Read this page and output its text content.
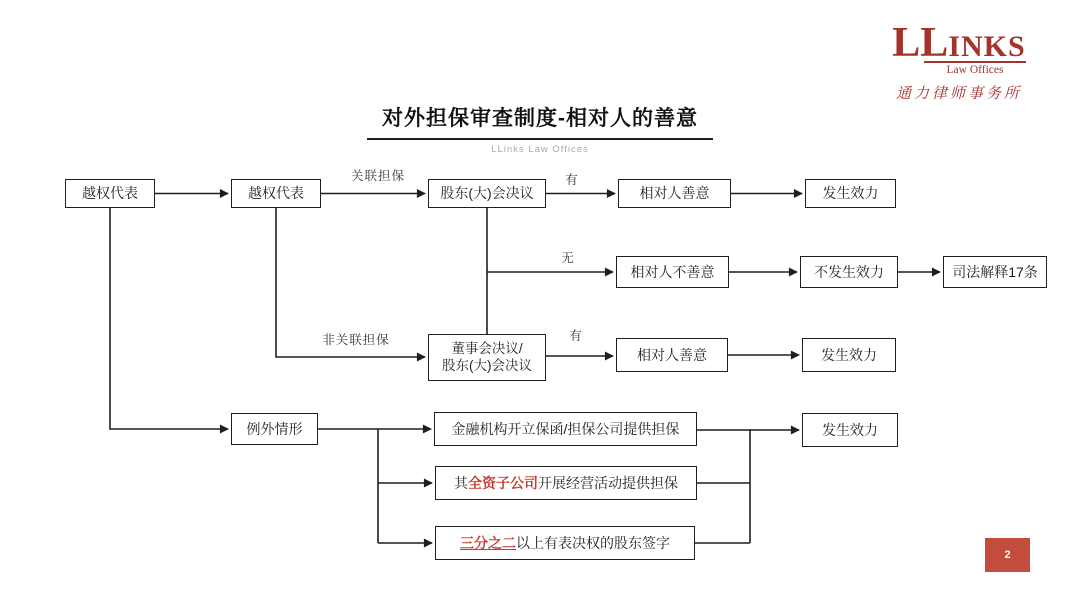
LLINKS
Law Offices
通力律师事务所
对外担保审查制度-相对人的善意
LLinks Law Offices
越权代表	越权代表	股东(大)会决议	相对人善意	发生效力
相对人不善意	不发生效力	司法解释17条
董事会决议/
股东(大)会决议
相对人善意	发生效力
例外情形	金融机构开立保函/担保公司提供担保
其 全资子公司 开展经营活动提供担保
三分之二 以上有表决权的股东签字
发生效力
关联担保	有
无
非关联担保	有
2
